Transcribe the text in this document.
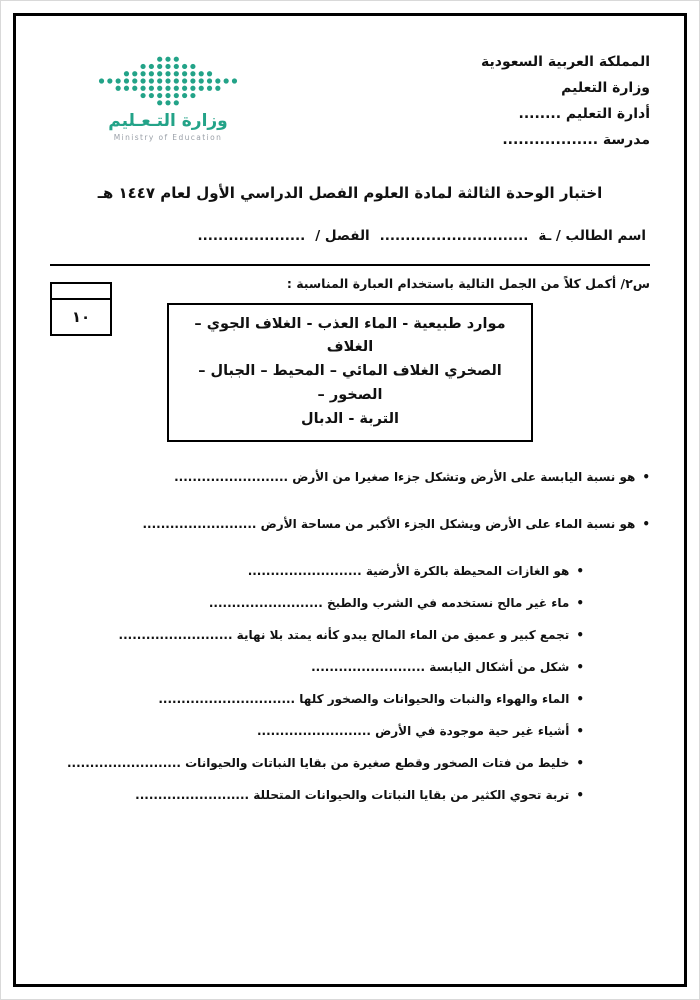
المملكة العربية السعودية
وزارة التعليم
أدارة التعليم ........
مدرسة ..................
وزارة التـعـليم
Ministry of Education
اختبار الوحدة الثالثة لمادة العلوم الفصل الدراسي الأول لعام ١٤٤٧ هـ
اسم الطالب / ـة
.............................
الفصل /
.....................
١٠
س٢/ أكمل كلاً من الجمل التالية باستخدام العبارة المناسبة :
موارد طبيعية - الماء العذب - الغلاف الجوي – الغلاف
الصخري الغلاف المائي – المحيط – الجبال – الصخور –
التربة - الدبال
•
هو نسبة اليابسة على الأرض وتشكل جزءا صغيرا من الأرض .........................
•
هو نسبة الماء على الأرض ويشكل الجزء الأكبر من مساحة الأرض .........................
•
هو الغازات المحيطة بالكرة الأرضية .........................
•
ماء غير مالح نستخدمه في الشرب والطبخ .........................
•
تجمع كبير و عميق من الماء المالح يبدو كأنه يمتد بلا نهاية .........................
•
شكل من أشكال اليابسة .........................
•
الماء والهواء والنبات والحيوانات والصخور كلها ..............................
•
أشياء غير حية موجودة في الأرض .........................
•
خليط من فتات الصخور وقطع صغيرة من بقايا النباتات والحيوانات .........................
•
تربة تحوي الكثير من بقايا النباتات والحيوانات المتحللة .........................
